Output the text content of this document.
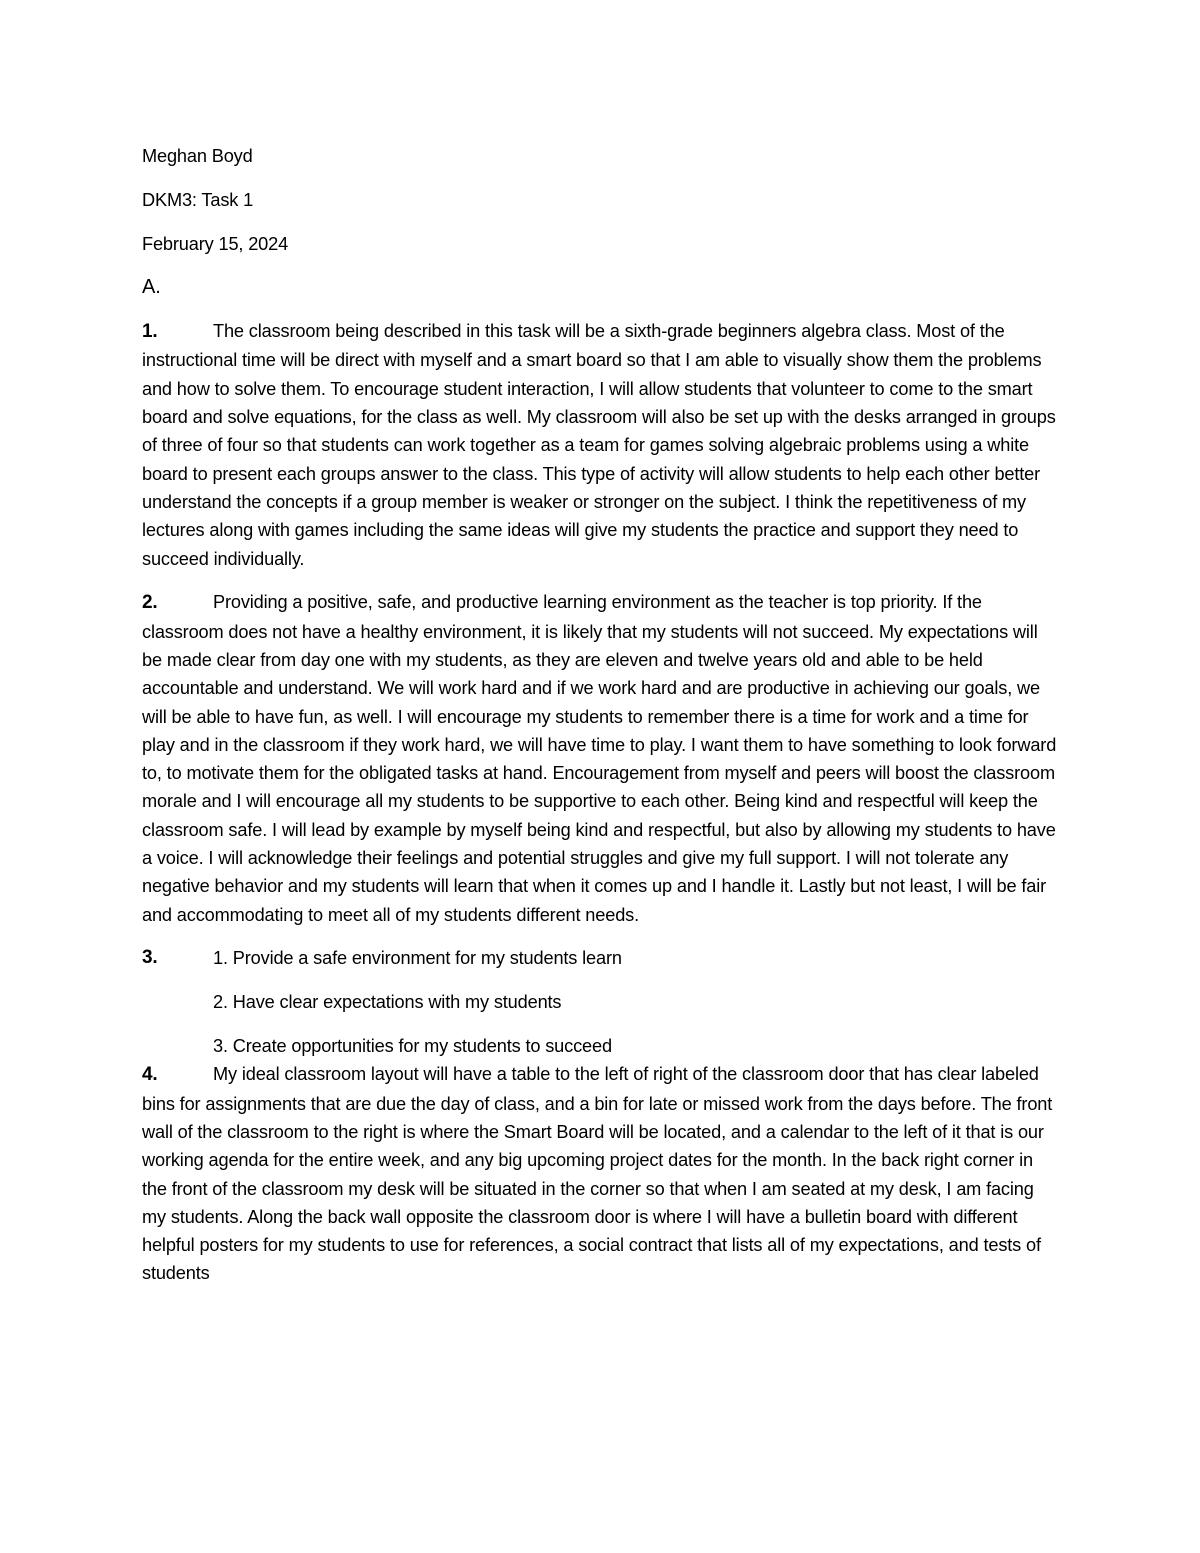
Meghan Boyd
DKM3: Task 1
February 15, 2024
A.
1.	The classroom being described in this task will be a sixth-grade beginners algebra class. Most of the instructional time will be direct with myself and a smart board so that I am able to visually show them the problems and how to solve them. To encourage student interaction, I will allow students that volunteer to come to the smart board and solve equations, for the class as well. My classroom will also be set up with the desks arranged in groups of three of four so that students can work together as a team for games solving algebraic problems using a white board to present each groups answer to the class. This type of activity will allow students to help each other better understand the concepts if a group member is weaker or stronger on the subject. I think the repetitiveness of my lectures along with games including the same ideas will give my students the practice and support they need to succeed individually.
2.	Providing a positive, safe, and productive learning environment as the teacher is top priority. If the classroom does not have a healthy environment, it is likely that my students will not succeed. My expectations will be made clear from day one with my students, as they are eleven and twelve years old and able to be held accountable and understand. We will work hard and if we work hard and are productive in achieving our goals, we will be able to have fun, as well. I will encourage my students to remember there is a time for work and a time for play and in the classroom if they work hard, we will have time to play. I want them to have something to look forward to, to motivate them for the obligated tasks at hand. Encouragement from myself and peers will boost the classroom morale and I will encourage all my students to be supportive to each other. Being kind and respectful will keep the classroom safe. I will lead by example by myself being kind and respectful, but also by allowing my students to have a voice. I will acknowledge their feelings and potential struggles and give my full support. I will not tolerate any negative behavior and my students will learn that when it comes up and I handle it. Lastly but not least, I will be fair and accommodating to meet all of my students different needs.
3.	1. Provide a safe environment for my students learn
2. Have clear expectations with my students
3. Create opportunities for my students to succeed
4.	My ideal classroom layout will have a table to the left of right of the classroom door that has clear labeled bins for assignments that are due the day of class, and a bin for late or missed work from the days before. The front wall of the classroom to the right is where the Smart Board will be located, and a calendar to the left of it that is our working agenda for the entire week, and any big upcoming project dates for the month. In the back right corner in the front of the classroom my desk will be situated in the corner so that when I am seated at my desk, I am facing my students. Along the back wall opposite the classroom door is where I will have a bulletin board with different helpful posters for my students to use for references, a social contract that lists all of my expectations, and tests of students
